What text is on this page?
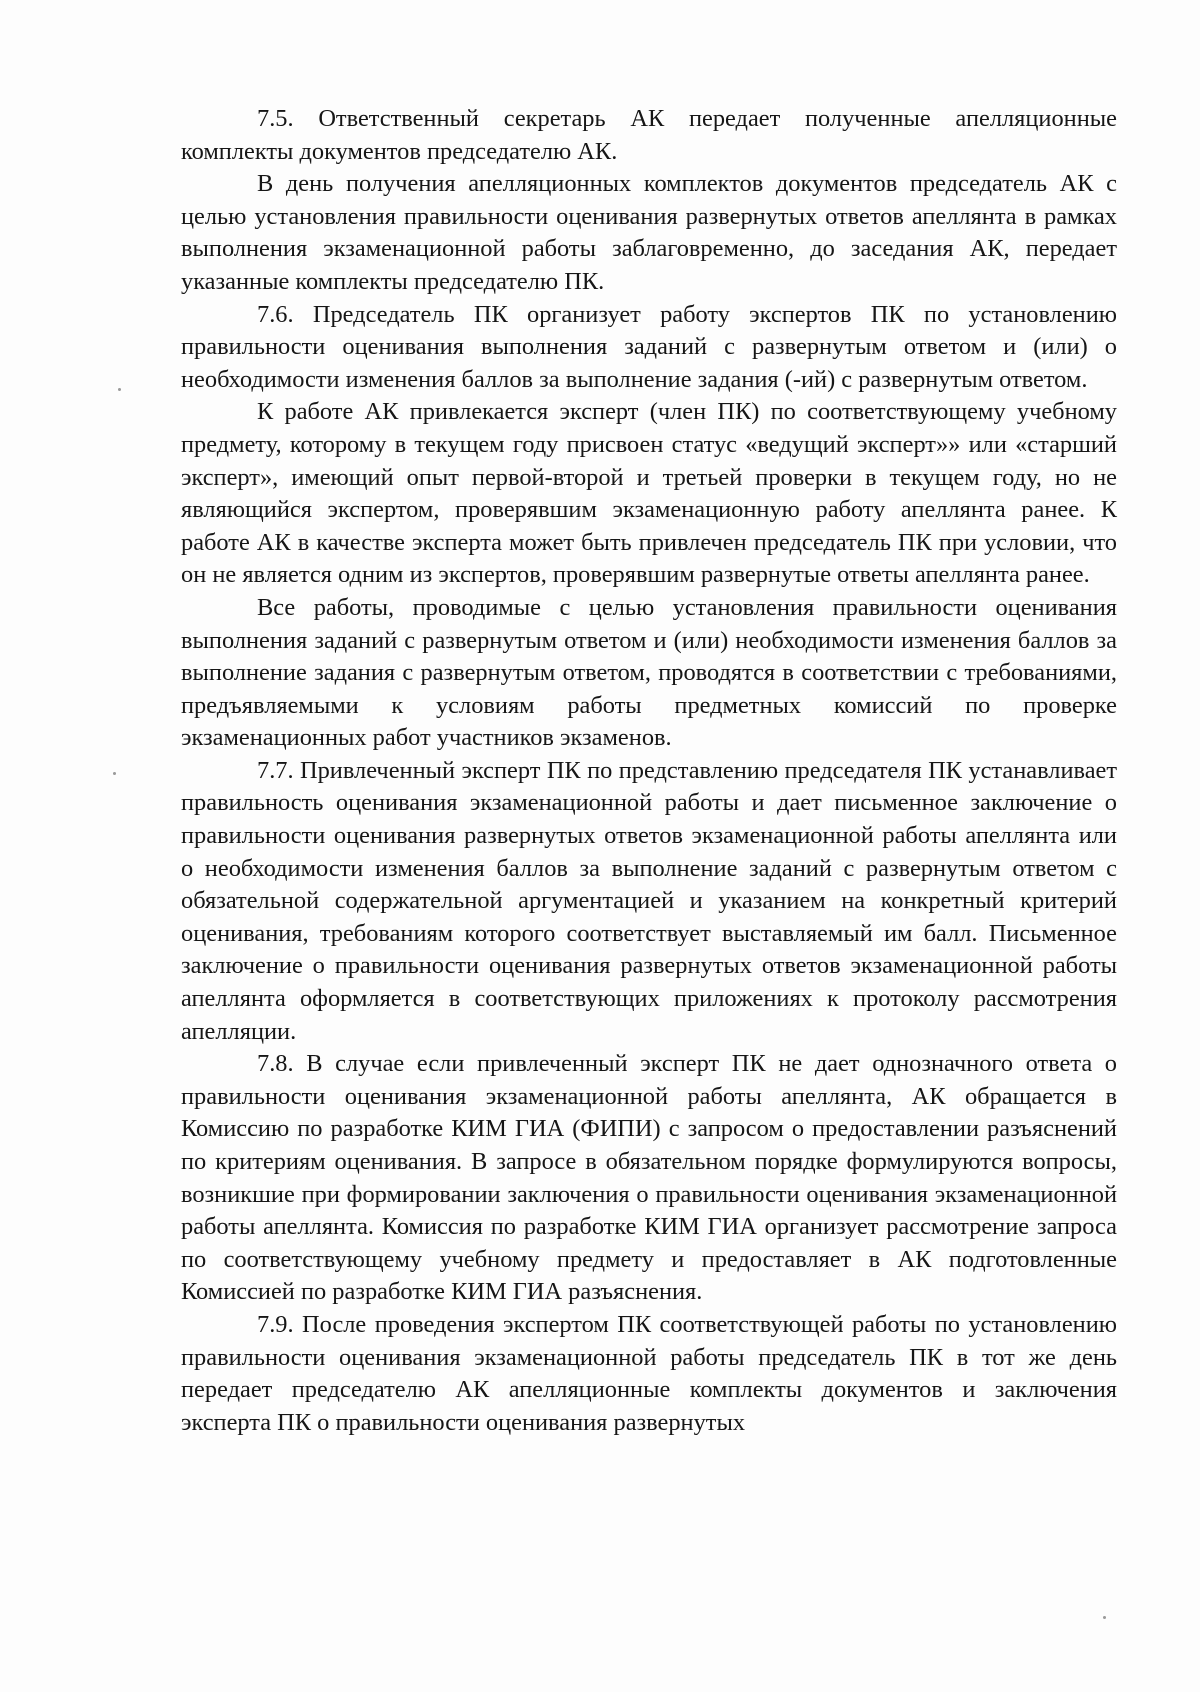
7.5. Ответственный секретарь АК передает полученные апелляционные комплекты документов председателю АК.

В день получения апелляционных комплектов документов председатель АК с целью установления правильности оценивания развернутых ответов апеллянта в рамках выполнения экзаменационной работы заблаговременно, до заседания АК, передает указанные комплекты председателю ПК.

7.6. Председатель ПК организует работу экспертов ПК по установлению правильности оценивания выполнения заданий с развернутым ответом и (или) о необходимости изменения баллов за выполнение задания (-ий) с развернутым ответом.

К работе АК привлекается эксперт (член ПК) по соответствующему учебному предмету, которому в текущем году присвоен статус «ведущий эксперт»» или «старший эксперт», имеющий опыт первой-второй и третьей проверки в текущем году, но не являющийся экспертом, проверявшим экзаменационную работу апеллянта ранее. К работе АК в качестве эксперта может быть привлечен председатель ПК при условии, что он не является одним из экспертов, проверявшим развернутые ответы апеллянта ранее.

Все работы, проводимые с целью установления правильности оценивания выполнения заданий с развернутым ответом и (или) необходимости изменения баллов за выполнение задания с развернутым ответом, проводятся в соответствии с требованиями, предъявляемыми к условиям работы предметных комиссий по проверке экзаменационных работ участников экзаменов.

7.7. Привлеченный эксперт ПК по представлению председателя ПК устанавливает правильность оценивания экзаменационной работы и дает письменное заключение о правильности оценивания развернутых ответов экзаменационной работы апеллянта или о необходимости изменения баллов за выполнение заданий с развернутым ответом с обязательной содержательной аргументацией и указанием на конкретный критерий оценивания, требованиям которого соответствует выставляемый им балл. Письменное заключение о правильности оценивания развернутых ответов экзаменационной работы апеллянта оформляется в соответствующих приложениях к протоколу рассмотрения апелляции.

7.8. В случае если привлеченный эксперт ПК не дает однозначного ответа о правильности оценивания экзаменационной работы апеллянта, АК обращается в Комиссию по разработке КИМ ГИА (ФИПИ) с запросом о предоставлении разъяснений по критериям оценивания. В запросе в обязательном порядке формулируются вопросы, возникшие при формировании заключения о правильности оценивания экзаменационной работы апеллянта. Комиссия по разработке КИМ ГИА организует рассмотрение запроса по соответствующему учебному предмету и предоставляет в АК подготовленные Комиссией по разработке КИМ ГИА разъяснения.

7.9. После проведения экспертом ПК соответствующей работы по установлению правильности оценивания экзаменационной работы председатель ПК в тот же день передает председателю АК апелляционные комплекты документов и заключения эксперта ПК о правильности оценивания развернутых
